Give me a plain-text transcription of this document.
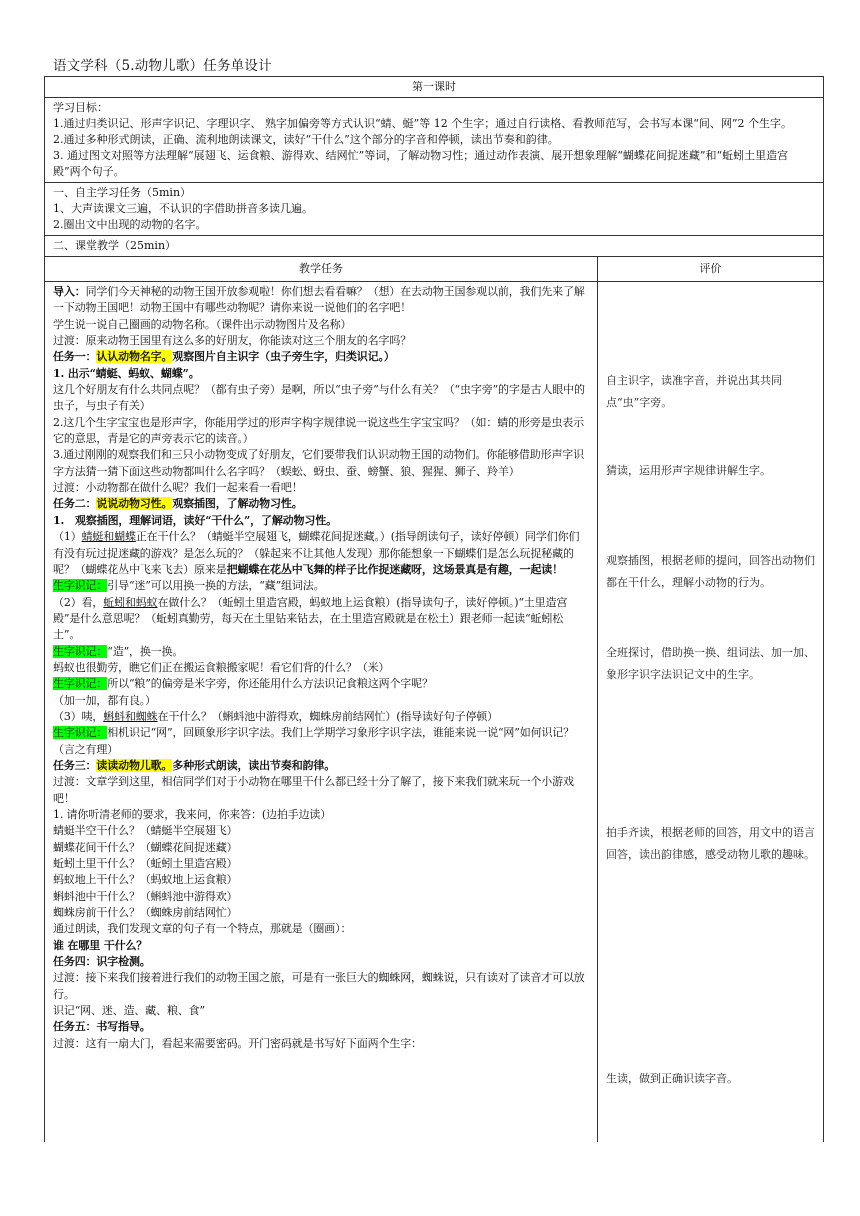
语文学科（5.动物儿歌）任务单设计
第一课时

学习目标：

1.通过归类识记、形声字识记、字理识字、 熟字加偏旁等方式认识“蜻、蜓”等 12 个生字；通过自行读格、看教师范写，会书写本课“间、网”2 个生字。

2.通过多种形式朗读，正确、流利地朗读课文，读好“干什么”这个部分的字音和停顿，读出节奏和韵律。

3. 通过图文对照等方法理解“展翅飞、运食粮、游得欢、结网忙”等词，了解动物习性；通过动作表演、展开想象理解“蝴蝶花间捉迷藏”和“蚯蚓土里造宫殿”两个句子。

一、自主学习任务（5min）

1、大声读课文三遍，不认识的字借助拼音多读几遍。

2.圈出文中出现的动物的名字。

二、课堂教学（25min）
教学任务	评价

导入：同学们今天神秘的动物王国开放参观啦！你们想去看看嘛？（想）在去动物王国参观以前，我们先来了解一下动物王国吧！动物王国中有哪些动物呢？请你来说一说他们的名字吧！

学生说一说自己圈画的动物名称。（课件出示动物图片及名称）

过渡：原来动物王国里有这么多的好朋友，你能读对这三个朋友的名字吗？

任务一：认认动物名字。观察图片自主识字（虫子旁生字，归类识记。）

1. 出示“蜻蜓、蚂蚁、蝴蝶”。

这几个好朋友有什么共同点呢？（都有虫子旁）是啊，所以“虫子旁”与什么有关？（“虫字旁”的字是古人眼中的虫子，与虫子有关）

2.这几个生字宝宝也是形声字，你能用学过的形声字构字规律说一说这些生字宝宝吗？（如：蜻的形旁是虫表示它的意思，青是它的声旁表示它的读音。）

3.通过刚刚的观察我们和三只小动物变成了好朋友，它们要带我们认识动物王国的动物们。你能够借助形声字识字方法猜一猜下面这些动物都叫什么名字吗？（蜈蚣、蚜虫、蚕、螃蟹、狼、猩猩、狮子、羚羊）

过渡：小动物都在做什么呢？我们一起来看一看吧！

任务二：说说动物习性。观察插图，了解动物习性。

1.　观察插图，理解词语，读好“干什么”，了解动物习性。

（1）蜻蜓和蝴蝶正在干什么？（蜻蜓半空展翅飞，蝴蝶花间捉迷藏。）(指导朗读句子，读好停顿）同学们你们有没有玩过捉迷藏的游戏？是怎么玩的？（躲起来不让其他人发现）那你能想象一下蝴蝶们是怎么玩捉秘藏的呢？（蝴蝶花丛中飞来飞去）原来是把蝴蝶在花丛中飞舞的样子比作捉迷藏呀，这场景真是有趣，一起读！

生字识记：引导“迷”可以用换一换的方法，“藏”组词法。

（2）看，蚯蚓和蚂蚁在做什么？（蚯蚓土里造宫殿，蚂蚁地上运食粮）(指导读句子，读好停顿。)“土里造宫殿”是什么意思呢？（蚯蚓真勤劳，每天在土里钻来钻去，在土里造宫殿就是在松土）跟老师一起读“蚯蚓松土”。

生字识记：“造”，换一换。

蚂蚁也很勤劳，瞧它们正在搬运食粮搬家呢！看它们背的什么？（米）

生字识记：所以“粮”的偏旁是米字旁，你还能用什么方法识记食粮这两个字呢？

（加一加，都有良。）

（3）咦，蝌蚪和蜘蛛在干什么？（蝌蚪池中游得欢，蜘蛛房前结网忙）(指导读好句子停顿）

生字识记：相机识记“网”，回顾象形字识字法。我们上学期学习象形字识字法，谁能来说一说“网”如何识记？（言之有理）

任务三：读读动物儿歌。多种形式朗读，读出节奏和韵律。

过渡：文章学到这里，相信同学们对于小动物在哪里干什么都已经十分了解了，接下来我们就来玩一个小游戏吧！

1. 请你听清老师的要求，我来问，你来答：(边拍手边读）

蜻蜓半空干什么？（蜻蜓半空展翅飞）

蝴蝶花间干什么？（蝴蝶花间捉迷藏）

蚯蚓土里干什么？（蚯蚓土里造宫殿）

蚂蚁地上干什么？（蚂蚁地上运食粮）

蝌蚪池中干什么？（蝌蚪池中游得欢）

蜘蛛房前干什么？（蜘蛛房前结网忙）

通过朗读，我们发现文章的句子有一个特点，那就是（圈画）：

谁 在哪里 干什么？

任务四：识字检测。

过渡：接下来我们接着进行我们的动物王国之旅，可是有一张巨大的蜘蛛网，蜘蛛说，只有读对了读音才可以放行。

识记“网、迷、造、藏、粮、食”

任务五：书写指导。

过渡：这有一扇大门，看起来需要密码。开门密码就是书写好下面两个生字：

自主识字，读准字音，并说出其共同点“虫”字旁。
猜读，运用形声字规律讲解生字。
观察插图，根据老师的提问，回答出动物们都在干什么，理解小动物的行为。
全班探讨，借助换一换、组词法、加一加、象形字识字法识记文中的生字。
拍手齐读，根据老师的回答，用文中的语言回答，读出韵律感，感受动物儿歌的趣味。
生读，做到正确识读字音。
